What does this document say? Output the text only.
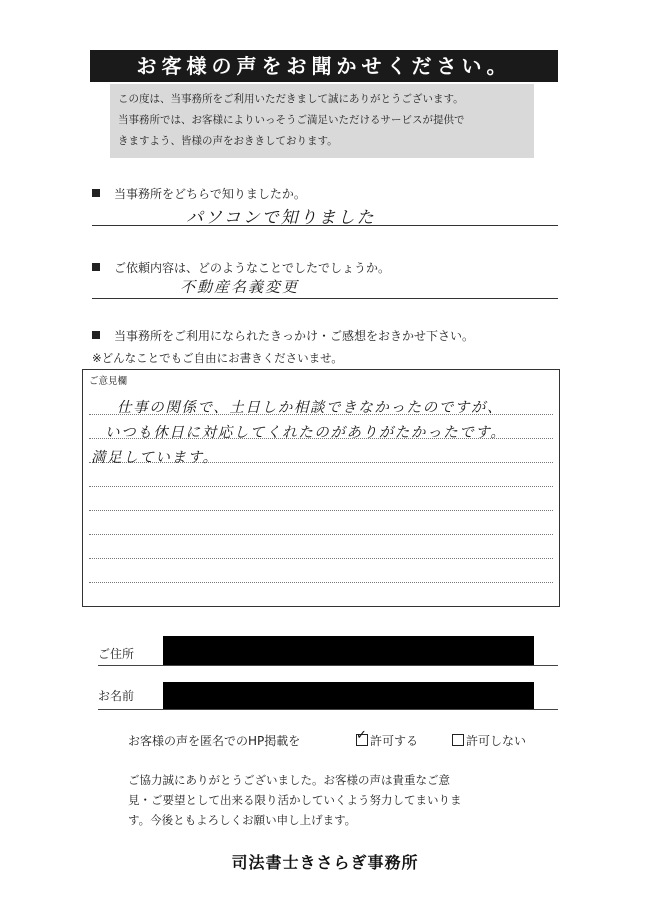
お客様の声をお聞かせください。

この度は、当事務所をご利用いただきまして誠にありがとうございます。

当事務所では、お客様によりいっそうご満足いただけるサービスが提供で

きますよう、皆様の声をおききしております。

当事務所をどちらで知りましたか。
パソコンで知りました
ご依頼内容は、どのようなことでしたでしょうか。
不動産名義変更
当事務所をご利用になられたきっかけ・ご感想をおきかせ下さい。
※どんなことでもご自由にお書きくださいませ。
ご意見欄
仕事の関係で、土日しか相談できなかったのですが、
いつも休日に対応してくれたのがありがたかったです。
満足しています。
ご住所
お名前
お客様の声を匿名でのHP掲載を	✓ 許可する	許可しない
ご協力誠にありがとうございました。お客様の声は貴重なご意
見・ご要望として出来る限り活かしていくよう努力してまいりま
す。今後ともよろしくお願い申し上げます。
司法書士きさらぎ事務所
